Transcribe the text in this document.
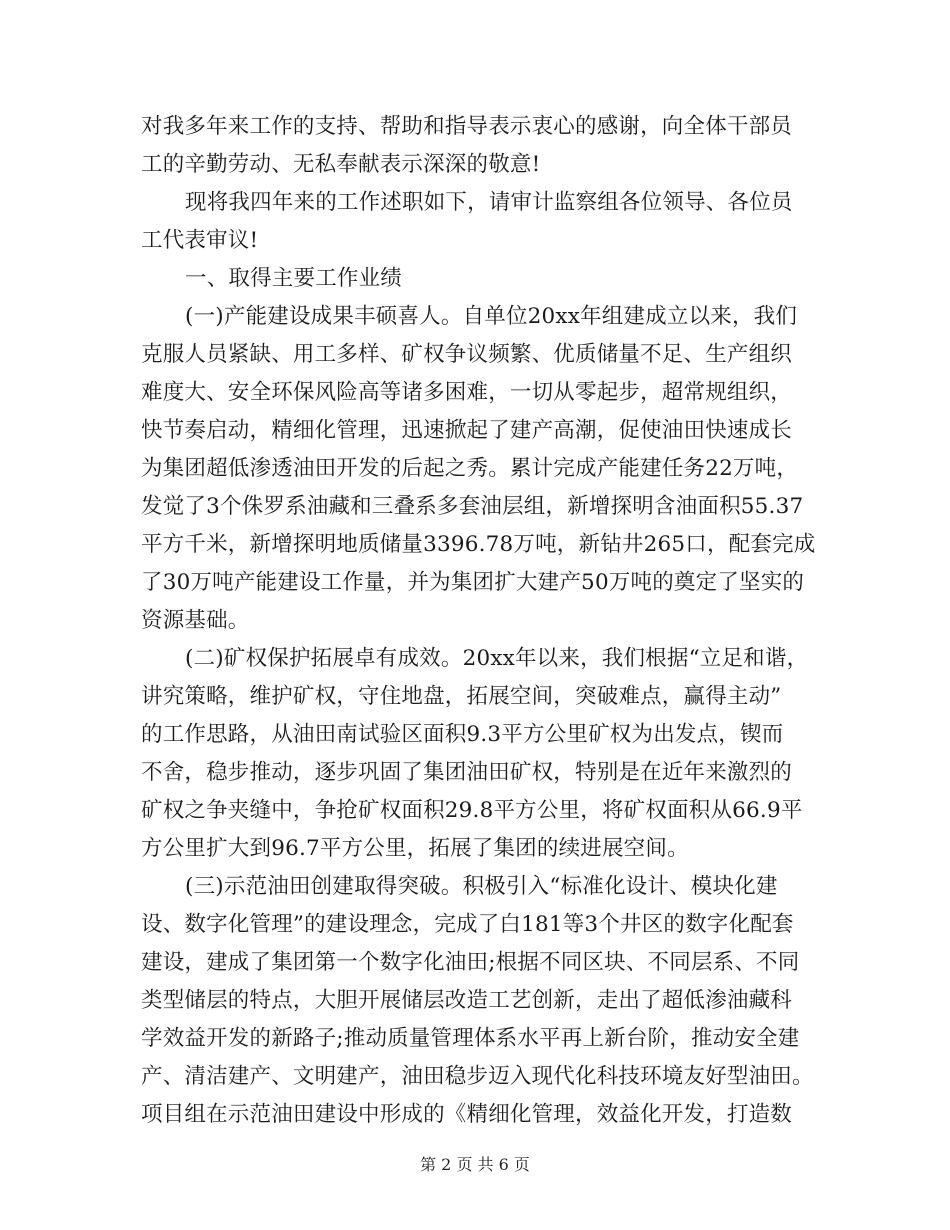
对我多年来工作的支持、帮助和指导表示衷心的感谢，向全体干部员
工的辛勤劳动、无私奉献表示深深的敬意!
现将我四年来的工作述职如下，请审计监察组各位领导、各位员
工代表审议!
一、取得主要工作业绩
(一)产能建设成果丰硕喜人。自单位20xx年组建成立以来，我们
克服人员紧缺、用工多样、矿权争议频繁、优质储量不足、生产组织
难度大、安全环保风险高等诸多困难，一切从零起步，超常规组织，
快节奏启动，精细化管理，迅速掀起了建产高潮，促使油田快速成长
为集团超低渗透油田开发的后起之秀。累计完成产能建任务22万吨，
发觉了3个侏罗系油藏和三叠系多套油层组，新增探明含油面积55.37
平方千米，新增探明地质储量3396.78万吨，新钻井265口，配套完成
了30万吨产能建设工作量，并为集团扩大建产50万吨的奠定了坚实的
资源基础。
(二)矿权保护拓展卓有成效。20xx年以来，我们根据“立足和谐，
讲究策略，维护矿权，守住地盘，拓展空间，突破难点，赢得主动”
的工作思路，从油田南试验区面积9.3平方公里矿权为出发点，锲而
不舍，稳步推动，逐步巩固了集团油田矿权，特别是在近年来激烈的
矿权之争夹缝中，争抢矿权面积29.8平方公里，将矿权面积从66.9平
方公里扩大到96.7平方公里，拓展了集团的续进展空间。
(三)示范油田创建取得突破。积极引入“标准化设计、模块化建
设、数字化管理”的建设理念，完成了白181等3个井区的数字化配套
建设，建成了集团第一个数字化油田;根据不同区块、不同层系、不同
类型储层的特点，大胆开展储层改造工艺创新，走出了超低渗油藏科
学效益开发的新路子;推动质量管理体系水平再上新台阶，推动安全建
产、清洁建产、文明建产，油田稳步迈入现代化科技环境友好型油田。
项目组在示范油田建设中形成的《精细化管理，效益化开发，打造数
第 2 页 共 6 页
